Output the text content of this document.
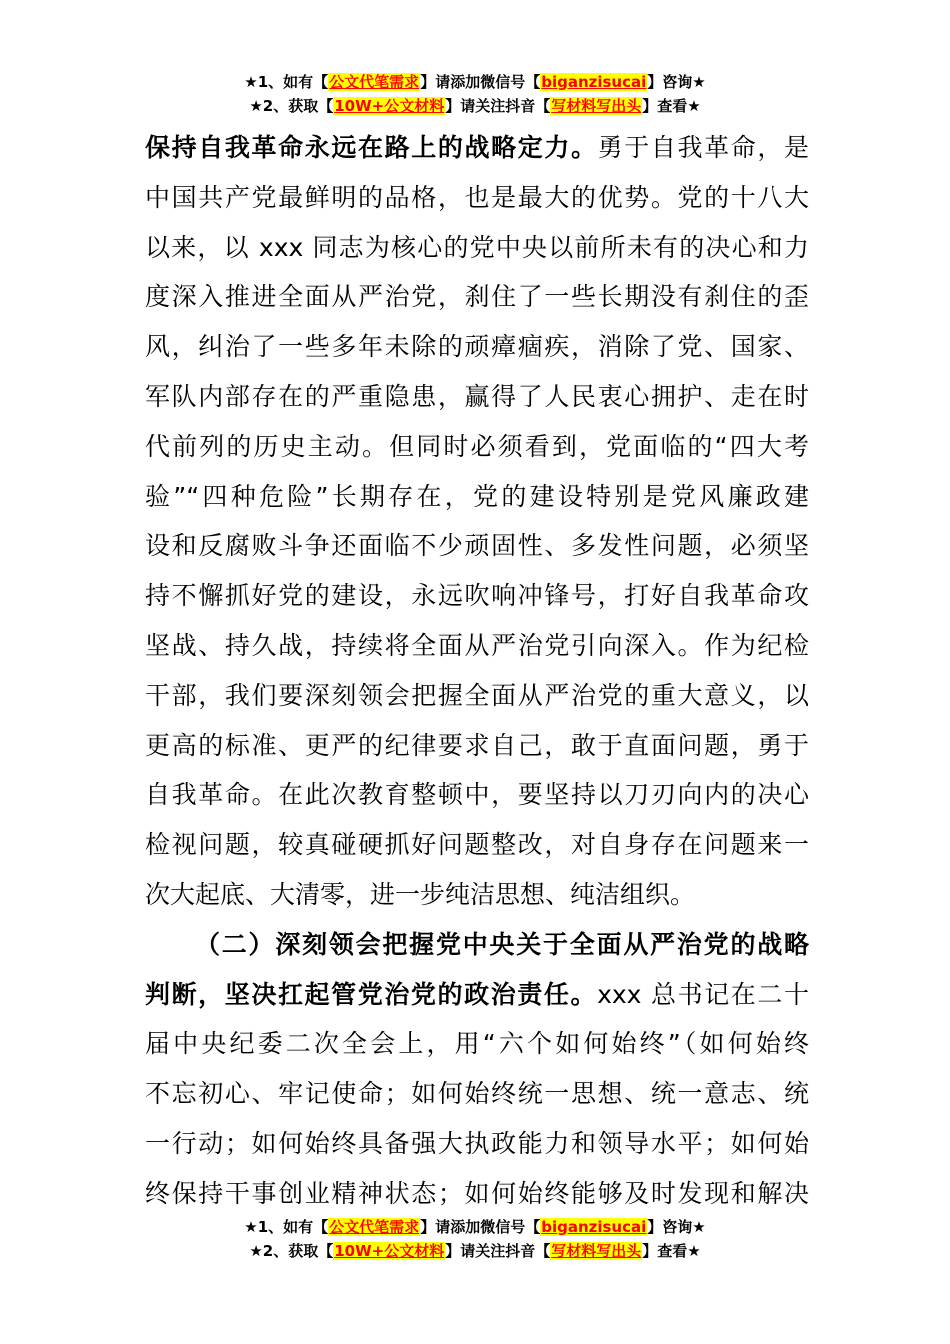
★1、如有【公文代笔需求】请添加微信号【biganzisucai】咨询★
★2、获取【10W+公文材料】请关注抖音【写材料写出头】查看★
保持自我革命永远在路上的战略定力。勇于自我革命，是
中国共产党最鲜明的品格，也是最大的优势。党的十八大
以来，以 xxx 同志为核心的党中央以前所未有的决心和力
度深入推进全面从严治党，刹住了一些长期没有刹住的歪
风，纠治了一些多年未除的顽瘴痼疾，消除了党、国家、
军队内部存在的严重隐患，赢得了人民衷心拥护、走在时
代前列的历史主动。但同时必须看到，党面临的“四大考
验”“四种危险”长期存在，党的建设特别是党风廉政建
设和反腐败斗争还面临不少顽固性、多发性问题，必须坚
持不懈抓好党的建设，永远吹响冲锋号，打好自我革命攻
坚战、持久战，持续将全面从严治党引向深入。作为纪检
干部，我们要深刻领会把握全面从严治党的重大意义，以
更高的标准、更严的纪律要求自己，敢于直面问题，勇于
自我革命。在此次教育整顿中，要坚持以刀刃向内的决心
检视问题，较真碰硬抓好问题整改，对自身存在问题来一
次大起底、大清零，进一步纯洁思想、纯洁组织。
（二）深刻领会把握党中央关于全面从严治党的战略
判断，坚决扛起管党治党的政治责任。xxx 总书记在二十
届中央纪委二次全会上，用“六个如何始终”（如何始终
不忘初心、牢记使命；如何始终统一思想、统一意志、统
一行动；如何始终具备强大执政能力和领导水平；如何始
终保持干事创业精神状态；如何始终能够及时发现和解决
★1、如有【公文代笔需求】请添加微信号【biganzisucai】咨询★
★2、获取【10W+公文材料】请关注抖音【写材料写出头】查看★
